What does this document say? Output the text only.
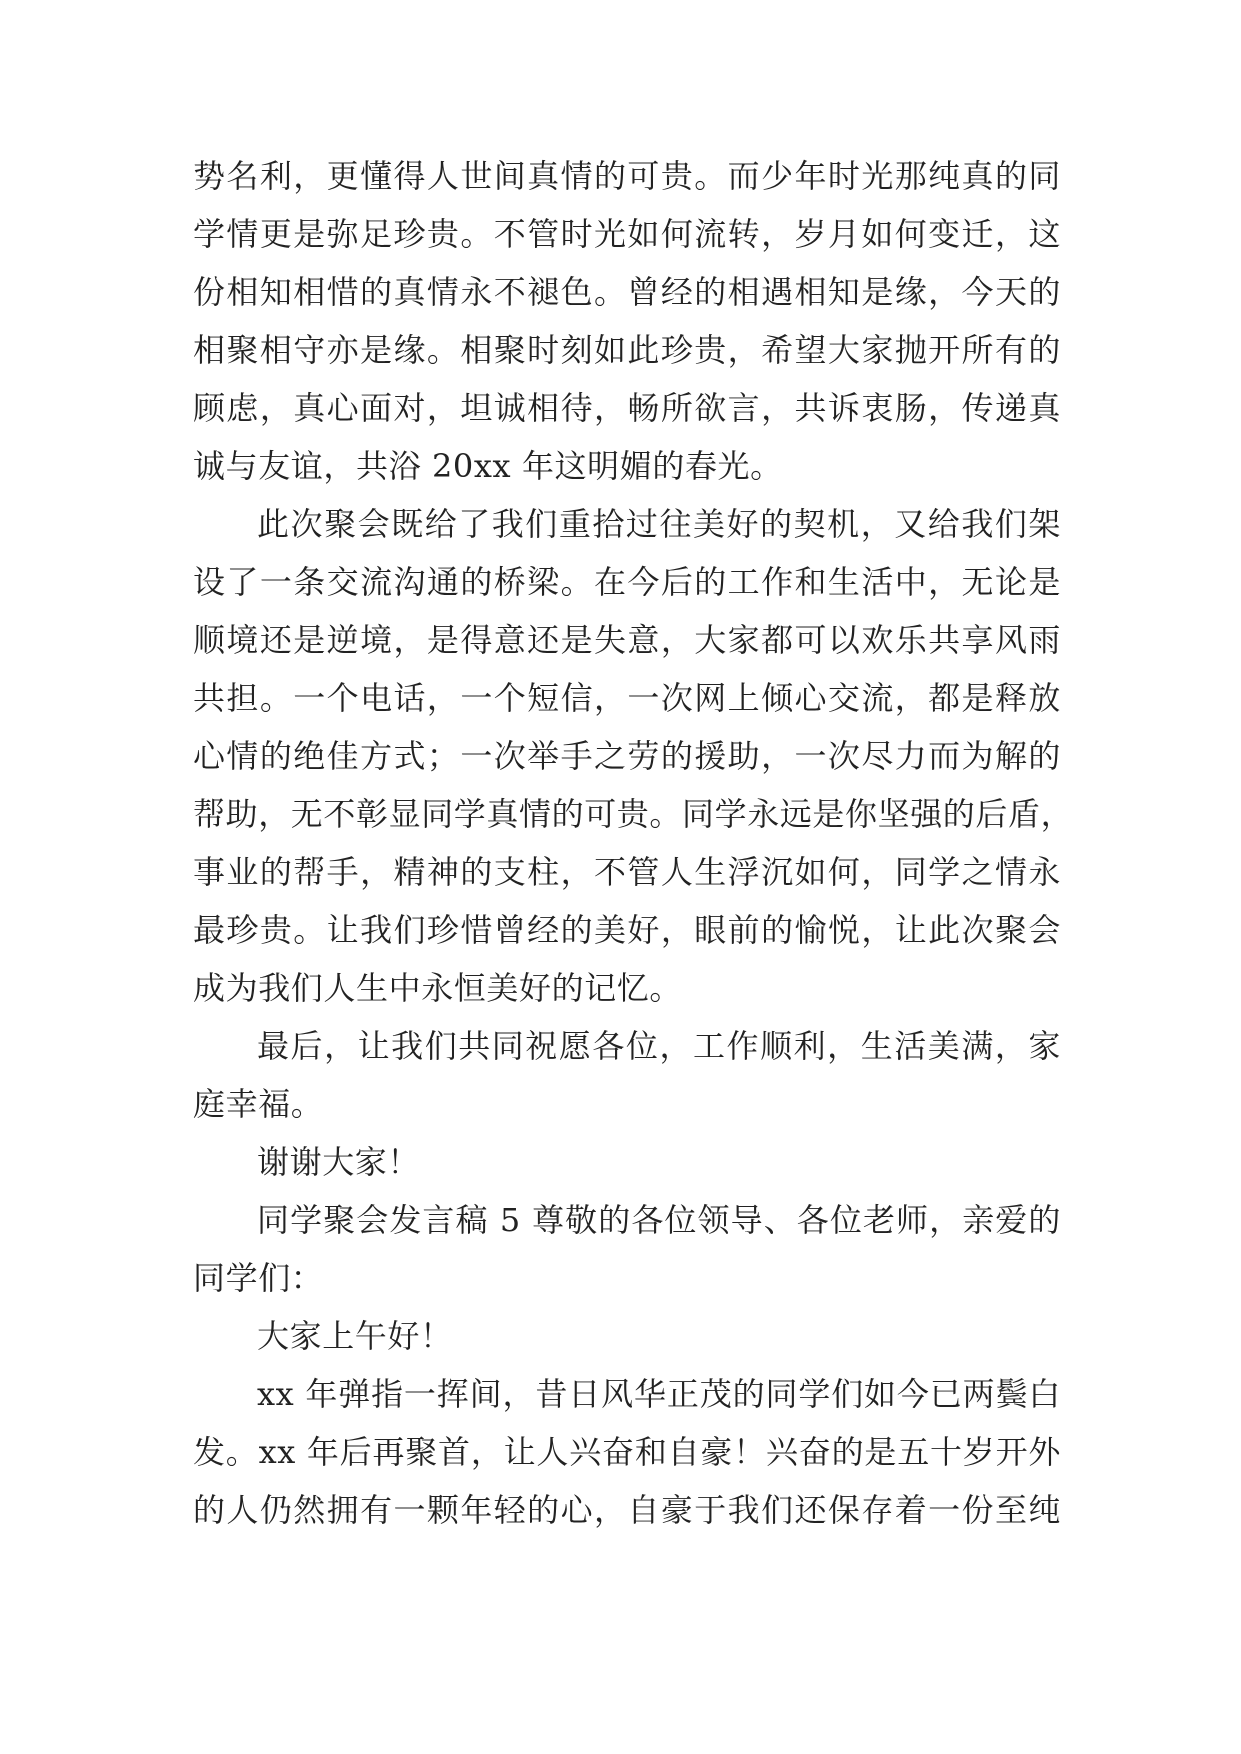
势名利，更懂得人世间真情的可贵。而少年时光那纯真的同
学情更是弥足珍贵。不管时光如何流转，岁月如何变迁，这
份相知相惜的真情永不褪色。曾经的相遇相知是缘，今天的
相聚相守亦是缘。相聚时刻如此珍贵，希望大家抛开所有的
顾虑，真心面对，坦诚相待，畅所欲言，共诉衷肠，传递真
诚与友谊，共浴 20xx 年这明媚的春光。
此次聚会既给了我们重拾过往美好的契机，又给我们架
设了一条交流沟通的桥梁。在今后的工作和生活中，无论是
顺境还是逆境，是得意还是失意，大家都可以欢乐共享风雨
共担。一个电话，一个短信，一次网上倾心交流，都是释放
心情的绝佳方式；一次举手之劳的援助，一次尽力而为解的
帮助，无不彰显同学真情的可贵。同学永远是你坚强的后盾，
事业的帮手，精神的支柱，不管人生浮沉如何，同学之情永
最珍贵。让我们珍惜曾经的美好，眼前的愉悦，让此次聚会
成为我们人生中永恒美好的记忆。
最后，让我们共同祝愿各位，工作顺利，生活美满，家
庭幸福。
谢谢大家！
同学聚会发言稿 5 尊敬的各位领导、各位老师，亲爱的
同学们：
大家上午好！
xx 年弹指一挥间，昔日风华正茂的同学们如今已两鬓白
发。xx 年后再聚首，让人兴奋和自豪！兴奋的是五十岁开外
的人仍然拥有一颗年轻的心，自豪于我们还保存着一份至纯
